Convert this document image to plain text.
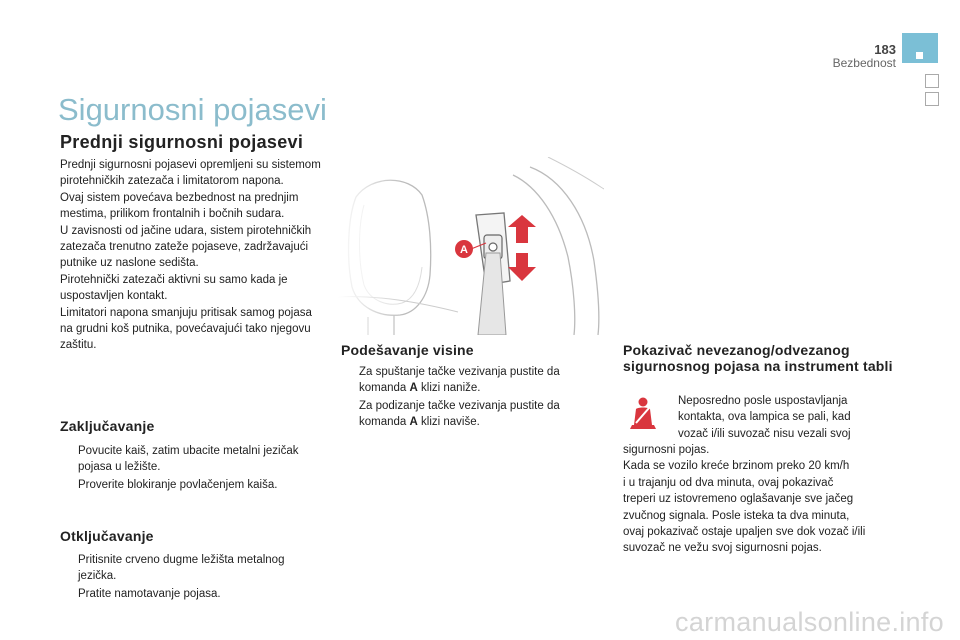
183
Bezbednost
Sigurnosni pojasevi
Prednji sigurnosni pojasevi

Prednji sigurnosni pojasevi opremljeni su sistemom pirotehničkih zatezača i limitatorom napona.

Ovaj sistem povećava bezbednost na prednjim mestima, prilikom frontalnih i bočnih sudara.

U zavisnosti od jačine udara, sistem pirotehničkih zatezača trenutno zateže pojaseve, zadržavajući putnike uz naslone sedišta.

Pirotehnički zatezači aktivni su samo kada je uspostavljen kontakt.

Limitatori napona smanjuju pritisak samog pojasa na grudni koš putnika, povećavajući tako njegovu zaštitu.

Zaključavanje
Povucite kaiš, zatim ubacite metalni jezičak pojasa u ležište.
Proverite blokiranje povlačenjem kaiša.
Otključavanje
Pritisnite crveno dugme ležišta metalnog jezička.
Pratite namotavanje pojasa.
Podešavanje visine
Za spuštanje tačke vezivanja pustite da komanda A klizi naniže.
Za podizanje tačke vezivanja pustite da komanda A klizi naviše.
Pokazivač nevezanog/odvezanog sigurnosnog pojasa na instrument tabli

Neposredno posle uspostavljanja

kontakta, ova lampica se pali, kad

vozač i/ili suvozač nisu vezali svoj

sigurnosni pojas.

Kada se vozilo kreće brzinom preko 20 km/h

i u trajanju od dva minuta, ovaj pokazivač

treperi uz istovremeno oglašavanje sve jačeg

zvučnog signala. Posle isteka ta dva minuta,

ovaj pokazivač ostaje upaljen sve dok vozač i/ili

suvozač ne vežu svoj sigurnosni pojas.

carmanualsonline.info
